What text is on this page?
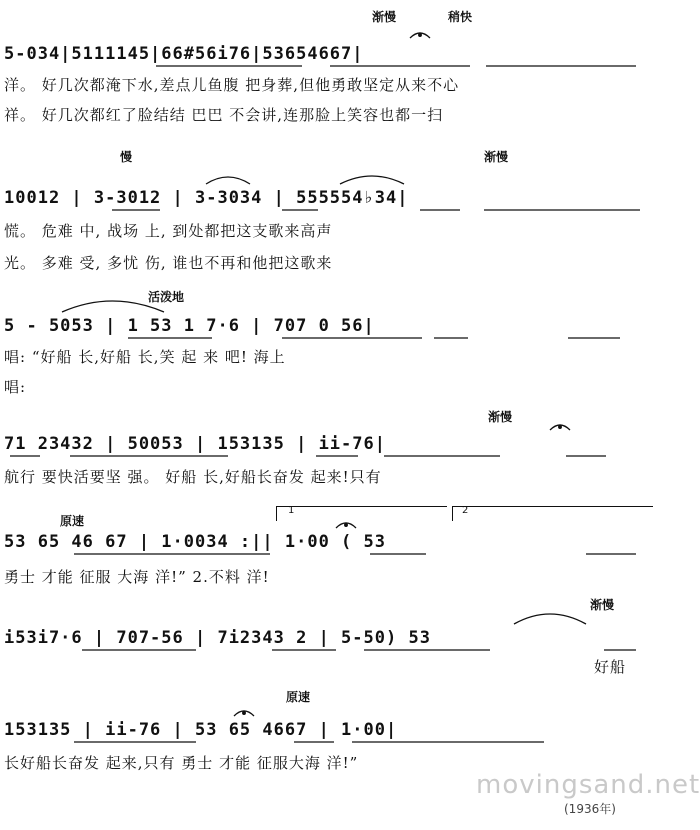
渐慢	稍快
慢	渐慢
活泼地
渐慢
原速
渐慢
原速
5-034|5111145|66#56i76|53654667|
洋。 好几次都淹下水,差点儿鱼腹 把身葬,但他勇敢坚定从来不心
祥。 好几次都红了脸结结 巴巴 不会讲,连那脸上笑容也都一扫
10012 | 3-3012 | 3-3034 | 555554♭34|
慌。 危难 中, 战场 上, 到处都把这支歌来高声
光。 多难 受, 多忧 伤, 谁也不再和他把这歌来
5 - 5053 | 1 53 1 7·6 | 707 0 56|
唱: “好船 长,好船 长,笑 起 来 吧! 海上
唱:
71 23432 | 50053 | 153135 | ii-76|
航行 要快活要坚 强。 好船 长,好船长奋发 起来!只有
53 65 46 67 | 1·0034 :|| 1·00 ( 53
勇士 才能 征服 大海 洋!” 2.不料 洋!
i53i7·6 | 707-56 | 7i2343 2 | 5-50) 53
好船
153135 | ii-76 | 53 65 4667 | 1·00|
长好船长奋发 起来,只有 勇士 才能 征服大海 洋!”
1	2
(1936年)
movingsand.net
